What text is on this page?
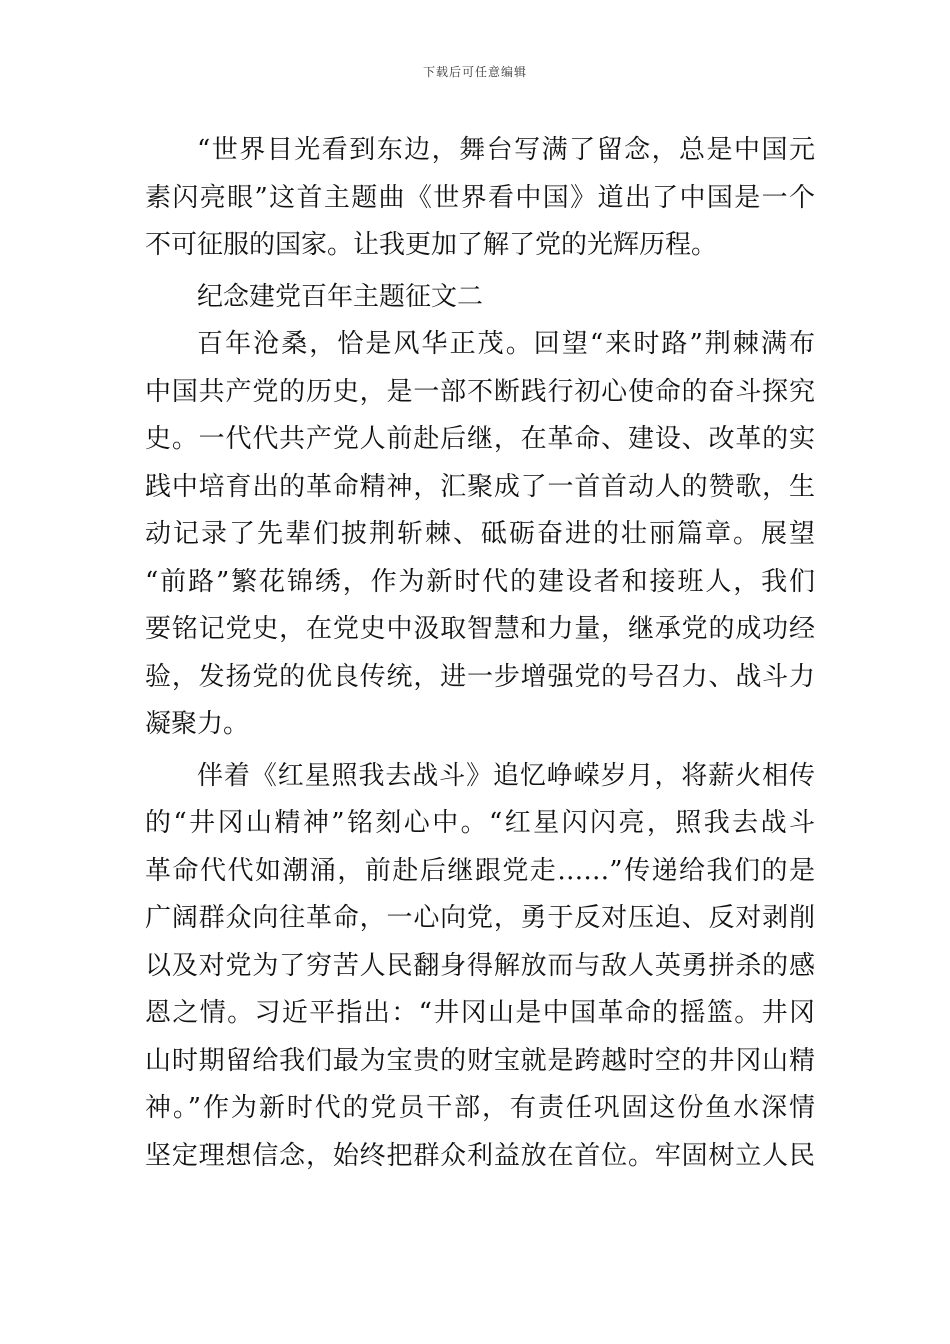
下载后可任意编辑
“世界目光看到东边，舞台写满了留念，总是中国元
素闪亮眼”这首主题曲《世界看中国》道出了中国是一个
不可征服的国家。让我更加了解了党的光辉历程。
纪念建党百年主题征文二
百年沧桑，恰是风华正茂。回望“来时路”荆棘满布
中国共产党的历史，是一部不断践行初心使命的奋斗探究
史。一代代共产党人前赴后继，在革命、建设、改革的实
践中培育出的革命精神，汇聚成了一首首动人的赞歌，生
动记录了先辈们披荆斩棘、砥砺奋进的壮丽篇章。展望
“前路”繁花锦绣，作为新时代的建设者和接班人，我们
要铭记党史，在党史中汲取智慧和力量，继承党的成功经
验，发扬党的优良传统，进一步增强党的号召力、战斗力
凝聚力。
伴着《红星照我去战斗》追忆峥嵘岁月，将薪火相传
的“井冈山精神”铭刻心中。“红星闪闪亮，照我去战斗
革命代代如潮涌，前赴后继跟党走……”传递给我们的是
广阔群众向往革命，一心向党，勇于反对压迫、反对剥削
以及对党为了穷苦人民翻身得解放而与敌人英勇拼杀的感
恩之情。习近平指出：“井冈山是中国革命的摇篮。井冈
山时期留给我们最为宝贵的财宝就是跨越时空的井冈山精
神。”作为新时代的党员干部，有责任巩固这份鱼水深情
坚定理想信念，始终把群众利益放在首位。牢固树立人民
